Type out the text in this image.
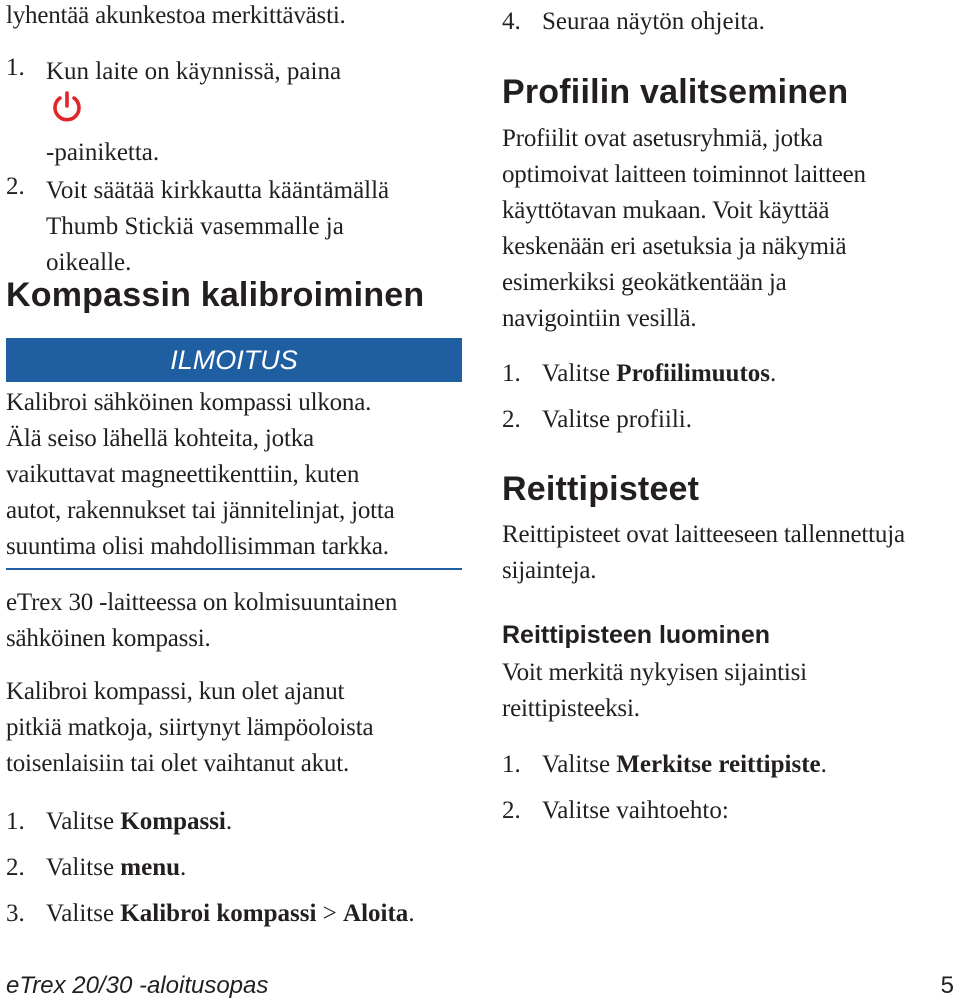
lyhentää akunkestoa merkittävästi.
1. Kun laite on käynnissä, paina
-painiketta.
2. Voit säätää kirkkautta kääntämällä
Thumb Stickiä vasemmalle ja
oikealle.
Kompassin kalibroiminen
ILMOITUS
Kalibroi sähköinen kompassi ulkona.
Älä seiso lähellä kohteita, jotka
vaikuttavat magneettikenttiin, kuten
autot, rakennukset tai jännitelinjat, jotta
suuntima olisi mahdollisimman tarkka.
eTrex 30 -laitteessa on kolmisuuntainen
sähköinen kompassi.
Kalibroi kompassi, kun olet ajanut
pitkiä matkoja, siirtynyt lämpöoloista
toisenlaisiin tai olet vaihtanut akut.
1. Valitse Kompassi.
2. Valitse menu.
3. Valitse Kalibroi kompassi > Aloita.
eTrex 20/30 -aloitusopas
4. Seuraa näytön ohjeita.
Profiilin valitseminen
Profiilit ovat asetusryhmiä, jotka
optimoivat laitteen toiminnot laitteen
käyttötavan mukaan. Voit käyttää
keskenään eri asetuksia ja näkymiä
esimerkiksi geokätkentään ja
navigointiin vesillä.
1. Valitse Profiilimuutos.
2. Valitse profiili.
Reittipisteet
Reittipisteet ovat laitteeseen tallennettuja
sijainteja.
Reittipisteen luominen
Voit merkitä nykyisen sijaintisi
reittipisteeksi.
1. Valitse Merkitse reittipiste.
2. Valitse vaihtoehto:
5
